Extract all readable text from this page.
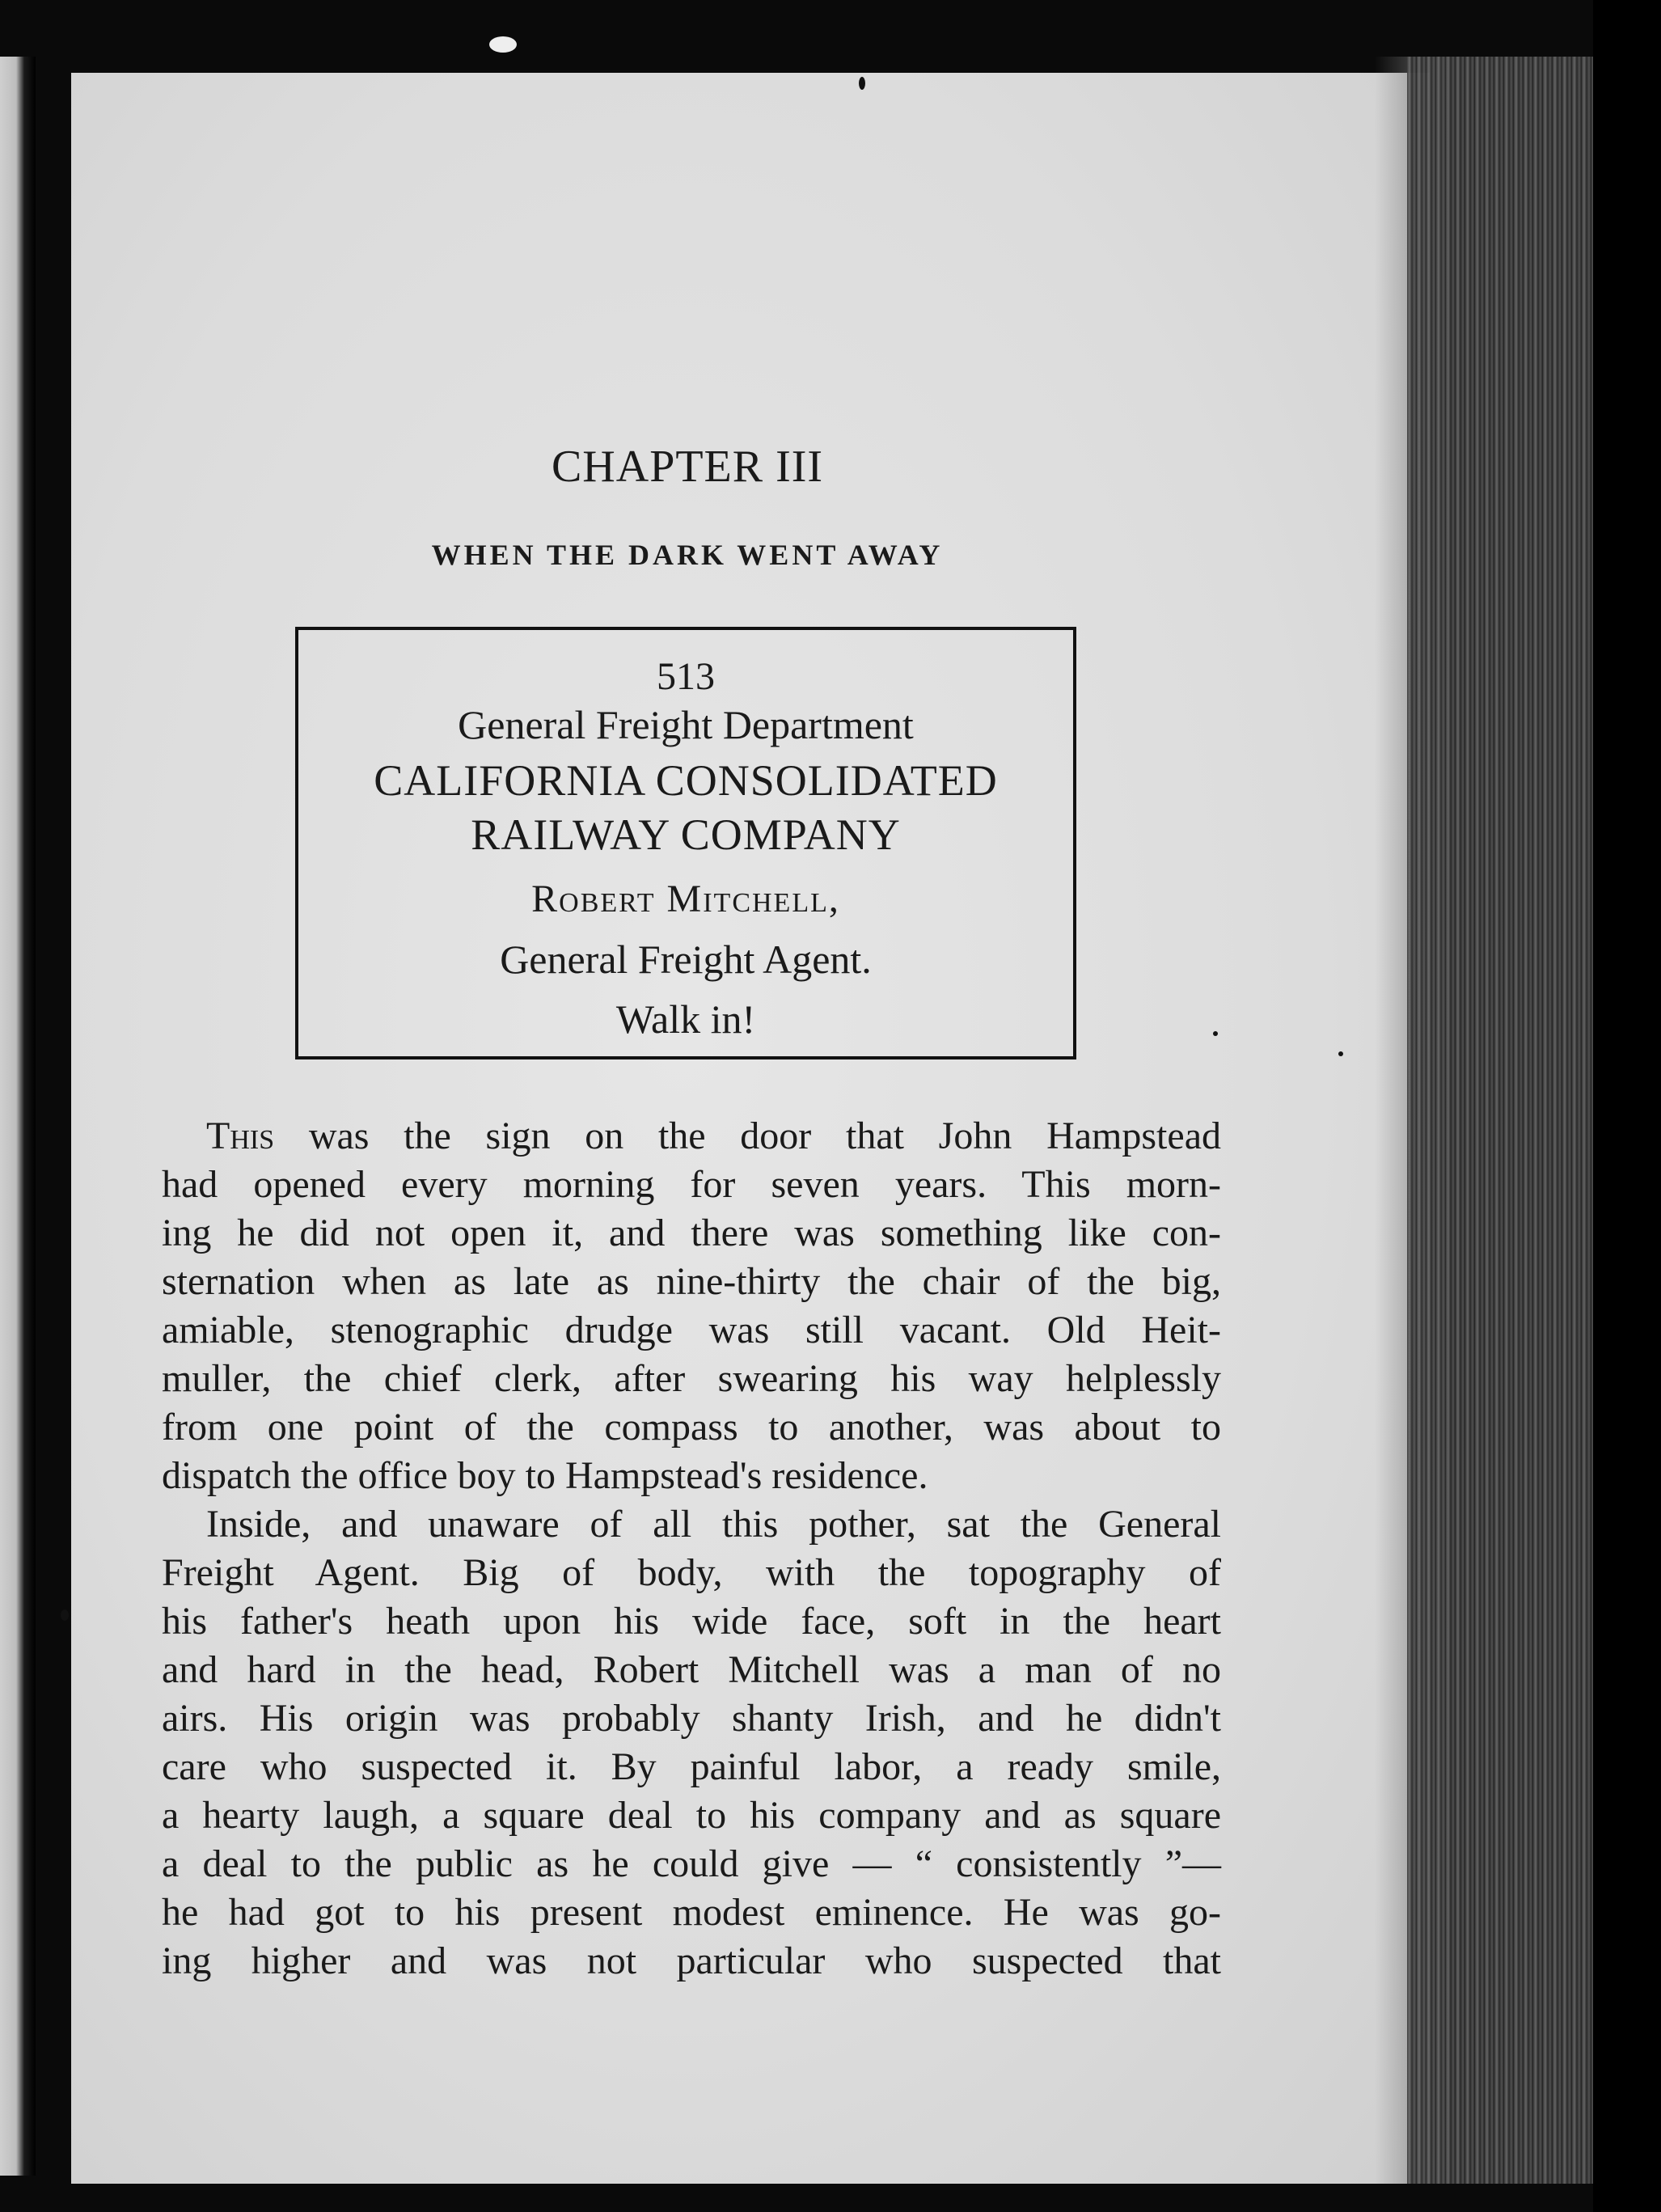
CHAPTER III
WHEN THE DARK WENT AWAY
513
General Freight Department
CALIFORNIA CONSOLIDATED
RAILWAY COMPANY
Robert Mitchell,
General Freight Agent.
Walk in!
This was the sign on the door that John Hampstead
had opened every morning for seven years. This morn-
ing he did not open it, and there was something like con-
sternation when as late as nine-thirty the chair of the big,
amiable, stenographic drudge was still vacant. Old Heit-
muller, the chief clerk, after swearing his way helplessly
from one point of the compass to another, was about to
dispatch the office boy to Hampstead's residence.
Inside, and unaware of all this pother, sat the General
Freight Agent. Big of body, with the topography of
his father's heath upon his wide face, soft in the heart
and hard in the head, Robert Mitchell was a man of no
airs. His origin was probably shanty Irish, and he didn't
care who suspected it. By painful labor, a ready smile,
a hearty laugh, a square deal to his company and as square
a deal to the public as he could give — “ consistently ”—
he had got to his present modest eminence. He was go-
ing higher and was not particular who suspected that
